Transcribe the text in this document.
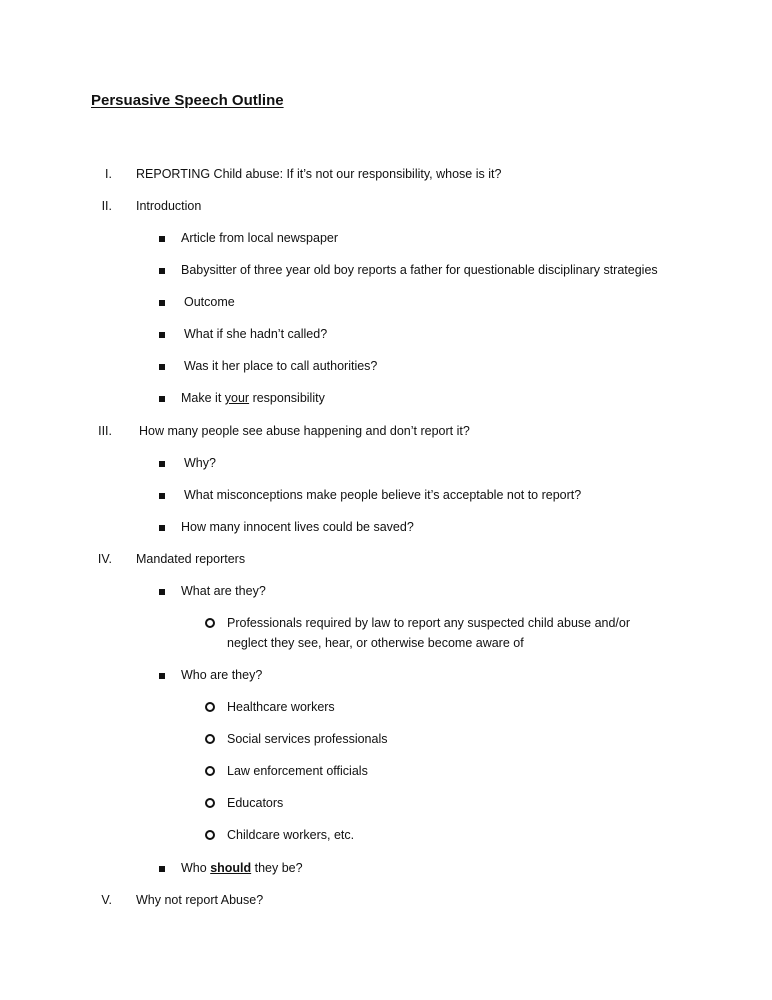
Persuasive Speech Outline
I. REPORTING Child abuse: If it’s not our responsibility, whose is it?
II. Introduction
Article from local newspaper
Babysitter of three year old boy reports a father for questionable disciplinary strategies
Outcome
What if she hadn’t called?
Was it her place to call authorities?
Make it your responsibility
III. How many people see abuse happening and don’t report it?
Why?
What misconceptions make people believe it’s acceptable not to report?
How many innocent lives could be saved?
IV. Mandated reporters
What are they?
Professionals required by law to report any suspected child abuse and/or
neglect they see, hear, or otherwise become aware of
Who are they?
Healthcare workers
Social services professionals
Law enforcement officials
Educators
Childcare workers, etc.
Who should they be?
V. Why not report Abuse?
